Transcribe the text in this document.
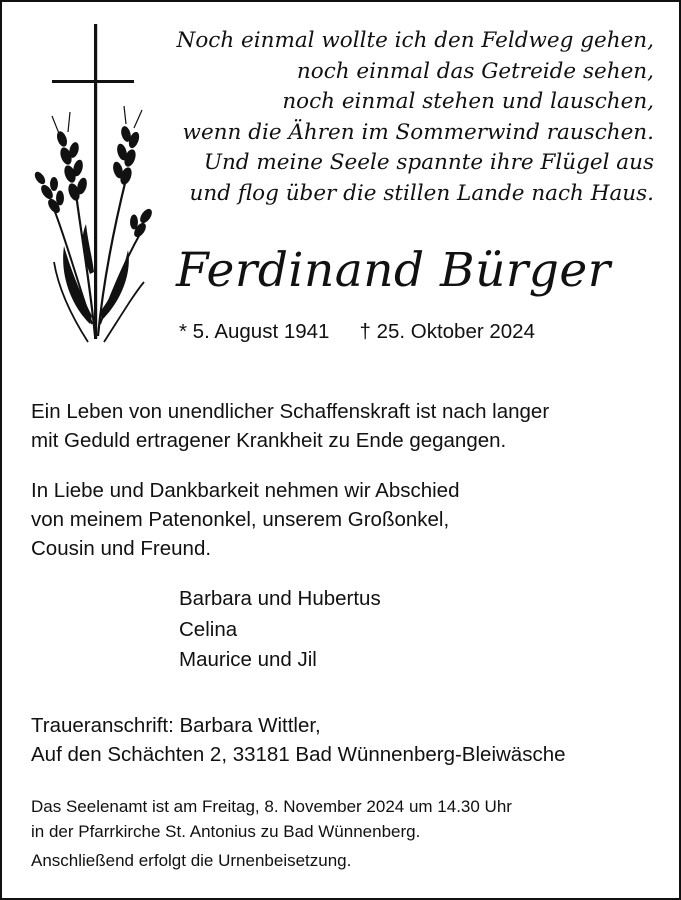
Noch einmal wollte ich den Feldweg gehen,
noch einmal das Getreide sehen,
noch einmal stehen und lauschen,
wenn die Ähren im Sommerwind rauschen.
Und meine Seele spannte ihre Flügel aus
und flog über die stillen Lande nach Haus.
Ferdinand Bürger
* 5. August 1941 † 25. Oktober 2024
Ein Leben von unendlicher Schaffenskraft ist nach langer
mit Geduld ertragener Krankheit zu Ende gegangen.
In Liebe und Dankbarkeit nehmen wir Abschied
von meinem Patenonkel, unserem Großonkel,
Cousin und Freund.
Barbara und Hubertus
Celina
Maurice und Jil
Traueranschrift: Barbara Wittler,
Auf den Schächten 2, 33181 Bad Wünnenberg-Bleiwäsche
Das Seelenamt ist am Freitag, 8. November 2024 um 14.30 Uhr
in der Pfarrkirche St. Antonius zu Bad Wünnenberg.
Anschließend erfolgt die Urnenbeisetzung.
